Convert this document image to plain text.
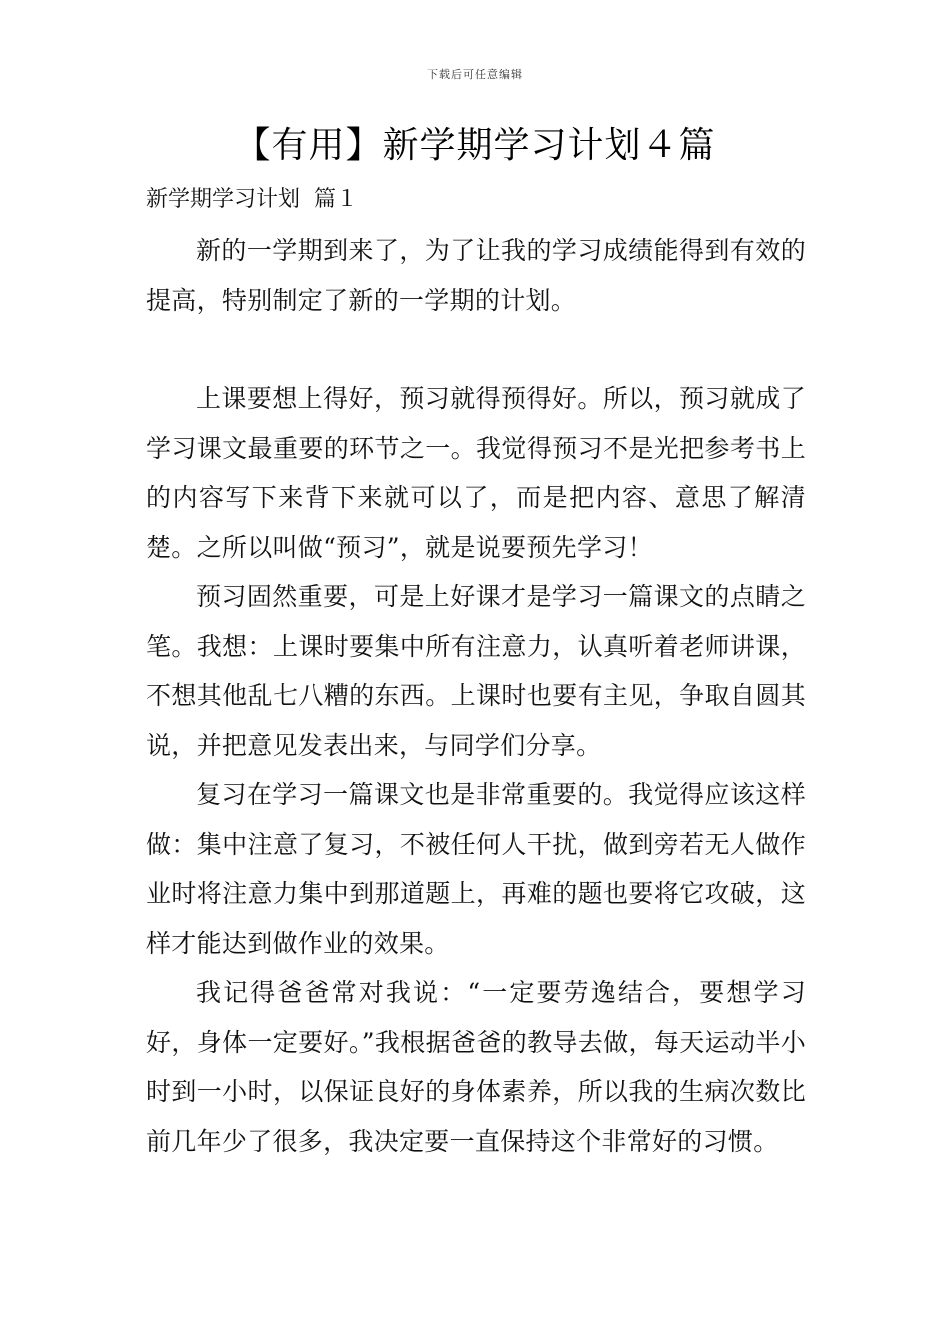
下载后可任意编辑
【有用】新学期学习计划４篇
新学期学习计划  篇１

新的一学期到来了，为了让我的学习成绩能得到有效的提高，特别制定了新的一学期的计划。

上课要想上得好，预习就得预得好。所以，预习就成了学习课文最重要的环节之一。我觉得预习不是光把参考书上的内容写下来背下来就可以了，而是把内容、意思了解清楚。之所以叫做“预习”，就是说要预先学习！

预习固然重要，可是上好课才是学习一篇课文的点睛之笔。我想：上课时要集中所有注意力，认真听着老师讲课，不想其他乱七八糟的东西。上课时也要有主见，争取自圆其说，并把意见发表出来，与同学们分享。

复习在学习一篇课文也是非常重要的。我觉得应该这样做：集中注意了复习，不被任何人干扰，做到旁若无人做作业时将注意力集中到那道题上，再难的题也要将它攻破，这样才能达到做作业的效果。

我记得爸爸常对我说：“一定要劳逸结合，要想学习好，身体一定要好。”我根据爸爸的教导去做，每天运动半小时到一小时，以保证良好的身体素养，所以我的生病次数比前几年少了很多，我决定要一直保持这个非常好的习惯。
